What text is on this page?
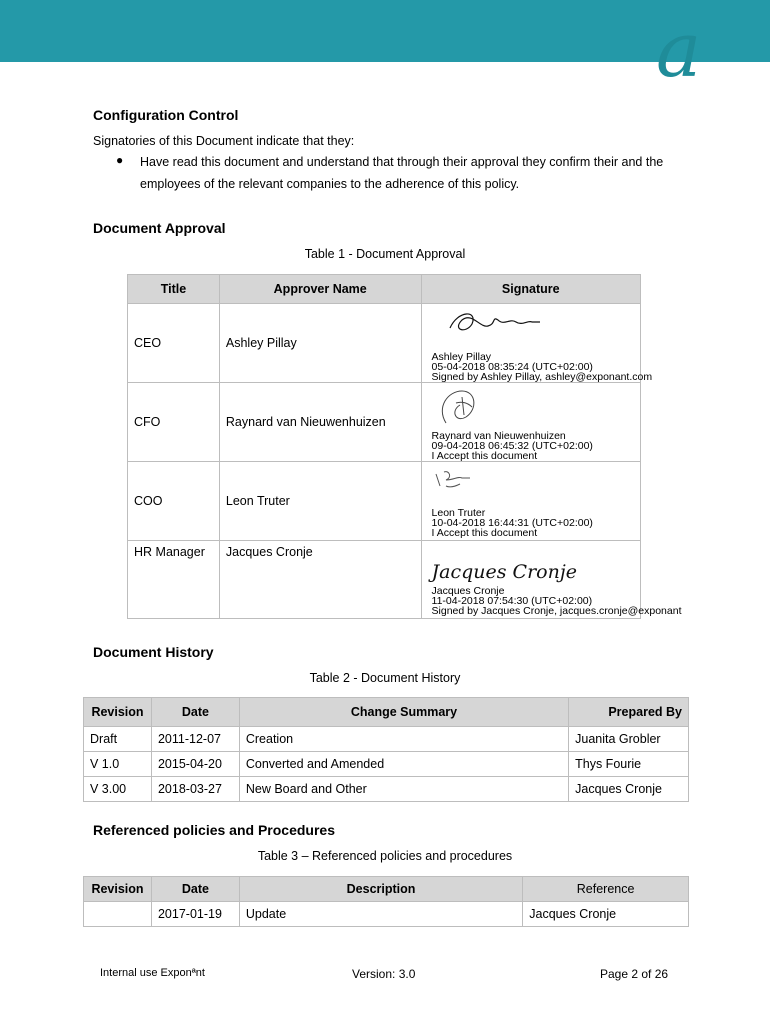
a
Configuration Control
Signatories of this Document indicate that they:
● Have read this document and understand that through their approval they confirm their and the
employees of the relevant companies to the adherence of this policy.
Document Approval
Table 1 - Document Approval
Title	Approver Name	Signature
CEO	Ashley Pillay	Ashley Pillay
05-04-2018 08:35:24 (UTC+02:00)
Signed by Ashley Pillay, ashley@exponant.com

CFO	Raynard van Nieuwenhuizen	Raynard van Nieuwenhuizen
09-04-2018 06:45:32 (UTC+02:00)
I Accept this document

COO	Leon Truter	Leon Truter
10-04-2018 16:44:31 (UTC+02:00)
I Accept this document

HR Manager	Jacques Cronje	Jacques Cronje
Jacques Cronje
11-04-2018 07:54:30 (UTC+02:00)
Signed by Jacques Cronje, jacques.cronje@exponant
Document History
Table 2 - Document History
Revision	Date	Change Summary	Prepared By
Draft	2011-12-07	Creation	Juanita Grobler
V 1.0	2015-04-20	Converted and Amended	Thys Fourie
V 3.00	2018-03-27	New Board and Other	Jacques Cronje
Referenced policies and Procedures
Table 3 – Referenced policies and procedures
Revision	Date	Description	Reference
	2017-01-19	Update	Jacques Cronje
Internal use Exponªnt	Version: 3.0	Page 2 of 26
